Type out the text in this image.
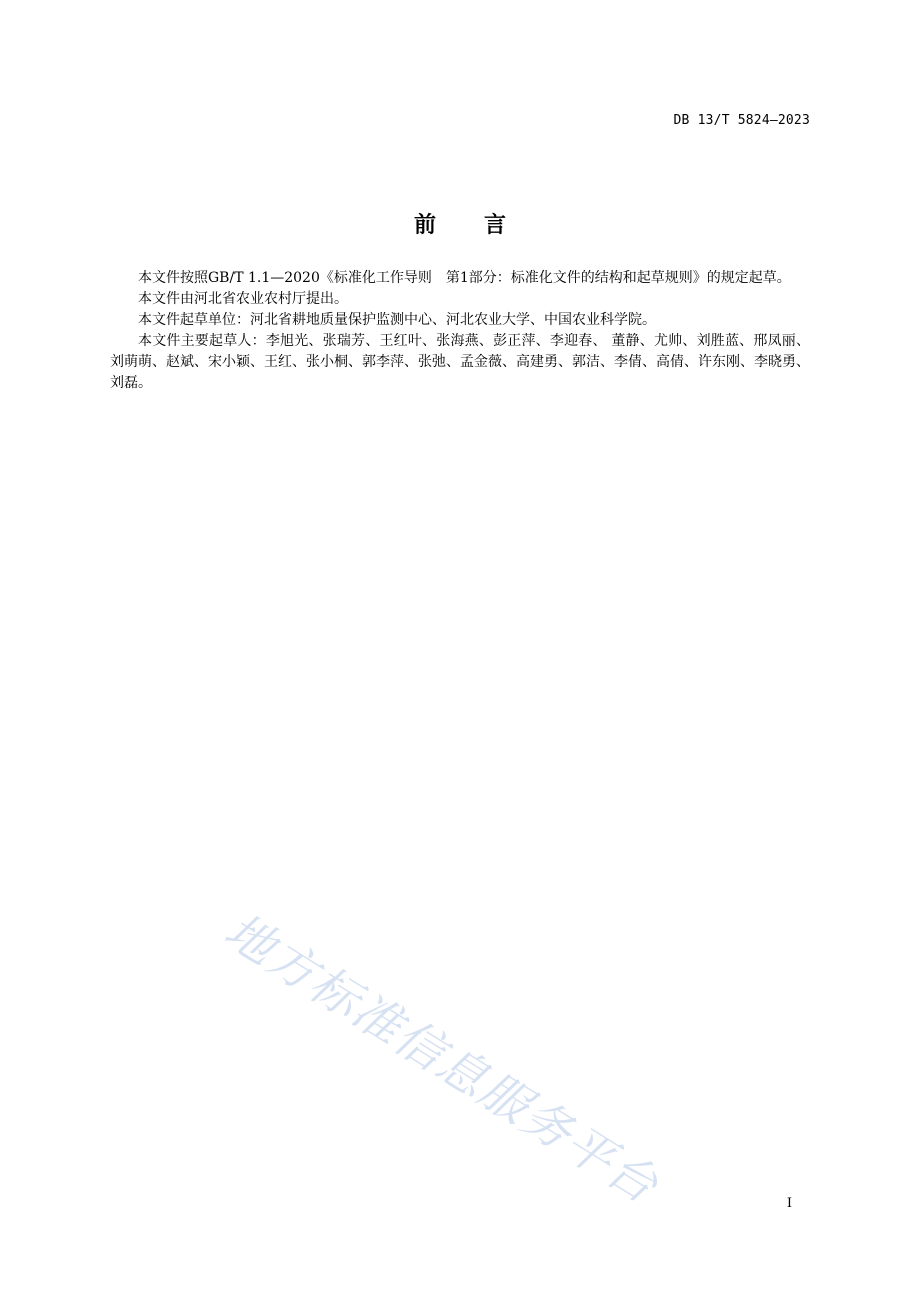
DB 13/T 5824—2023
前言

本文件按照GB/T 1.1—2020《标准化工作导则　第1部分：标准化文件的结构和起草规则》的规定起草。

本文件由河北省农业农村厅提出。

本文件起草单位：河北省耕地质量保护监测中心、河北农业大学、中国农业科学院。

本文件主要起草人：李旭光、张瑞芳、王红叶、张海燕、彭正萍、李迎春、 董静、尤帅、刘胜蓝、邢凤丽、刘萌萌、赵斌、宋小颖、王红、张小桐、郭李萍、张弛、孟金薇、高建勇、郭洁、李倩、高倩、许东刚、李晓勇、刘磊。

地方标准信息服务平台	I
